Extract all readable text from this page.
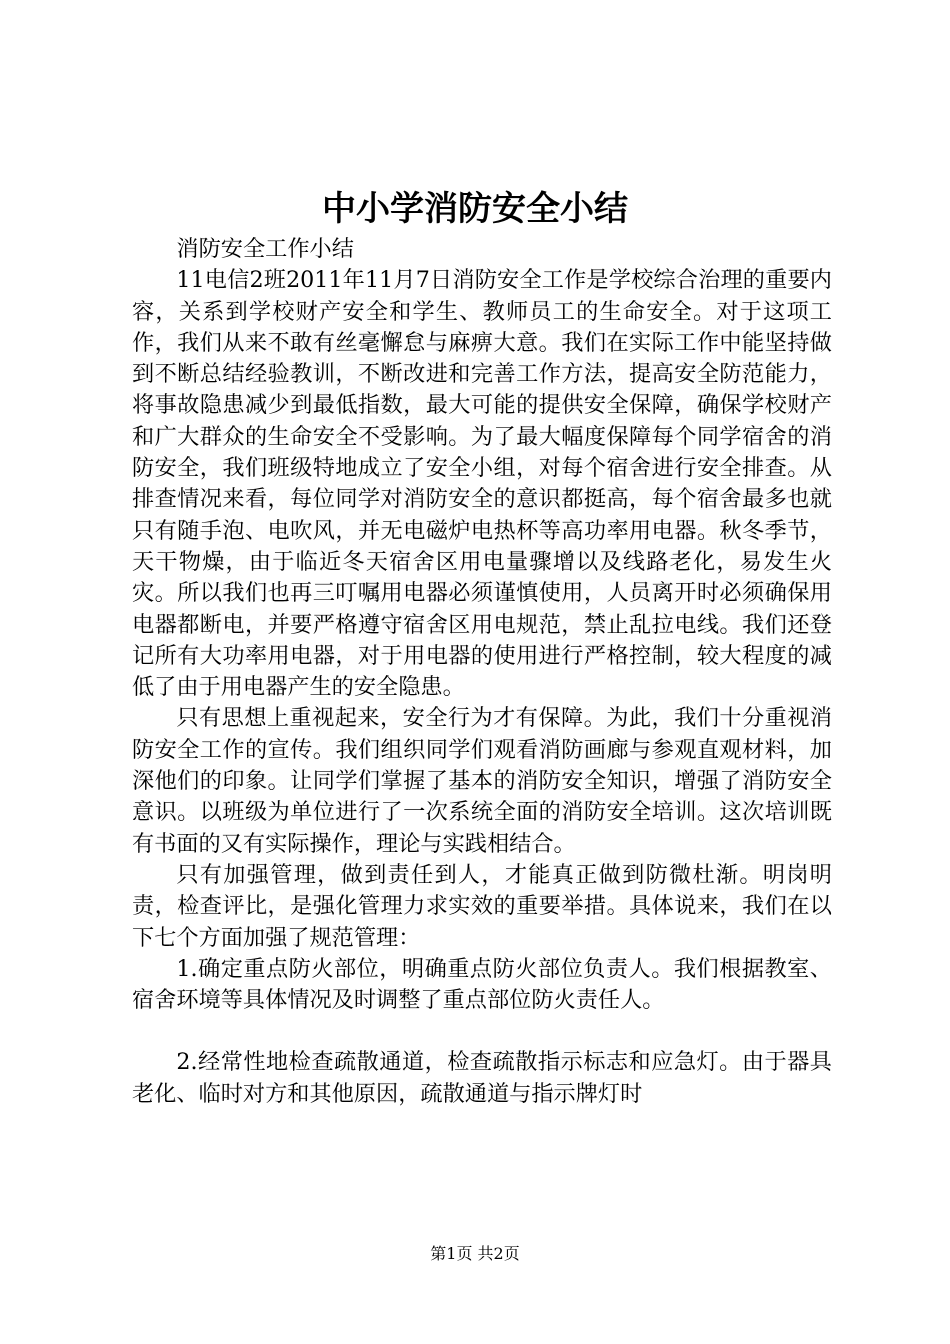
中小学消防安全小结

消防安全工作小结

11电信2班2011年11月7日消防安全工作是学校综合治理的重要内容，关系到学校财产安全和学生、教师员工的生命安全。对于这项工作，我们从来不敢有丝毫懈怠与麻痹大意。我们在实际工作中能坚持做到不断总结经验教训，不断改进和完善工作方法，提高安全防范能力，将事故隐患减少到最低指数，最大可能的提供安全保障，确保学校财产和广大群众的生命安全不受影响。为了最大幅度保障每个同学宿舍的消防安全，我们班级特地成立了安全小组，对每个宿舍进行安全排查。从排查情况来看，每位同学对消防安全的意识都挺高，每个宿舍最多也就只有随手泡、电吹风，并无电磁炉电热杯等高功率用电器。秋冬季节，天干物燥，由于临近冬天宿舍区用电量骤增以及线路老化，易发生火灾。所以我们也再三叮嘱用电器必须谨慎使用，人员离开时必须确保用电器都断电，并要严格遵守宿舍区用电规范，禁止乱拉电线。我们还登记所有大功率用电器，对于用电器的使用进行严格控制，较大程度的减低了由于用电器产生的安全隐患。

只有思想上重视起来，安全行为才有保障。为此，我们十分重视消防安全工作的宣传。我们组织同学们观看消防画廊与参观直观材料，加深他们的印象。让同学们掌握了基本的消防安全知识，增强了消防安全意识。以班级为单位进行了一次系统全面的消防安全培训。这次培训既有书面的又有实际操作，理论与实践相结合。

只有加强管理，做到责任到人，才能真正做到防微杜渐。明岗明责，检查评比，是强化管理力求实效的重要举措。具体说来，我们在以下七个方面加强了规范管理：

1.确定重点防火部位，明确重点防火部位负责人。我们根据教室、宿舍环境等具体情况及时调整了重点部位防火责任人。

2.经常性地检查疏散通道，检查疏散指示标志和应急灯。由于器具老化、临时对方和其他原因，疏散通道与指示牌灯时

第1页 共2页
